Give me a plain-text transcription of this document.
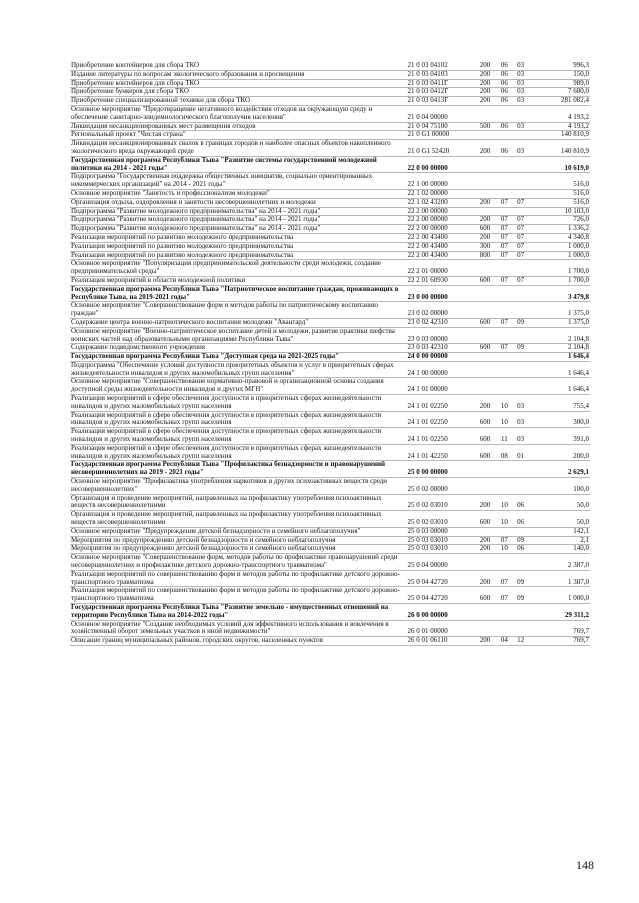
Приобретение контейнеров для сбора ТКО	21 0 03 04102	200	06	03	996,3
Издание литературы по вопросам экологического образования и просвещения	21 0 03 04103	200	06	03	150,0
Приобретение контейнеров для сбора ТКО	21 0 03 0411Г	200	06	03	989,0
Приобретение бункеров для сбора ТКО	21 0 03 0412Г	200	06	03	7 680,0
Приобретение специализированной техники для сбора ТКО	21 0 03 0413Г	200	06	03	281 082,4
Основное мероприятие "Предотвращение негативного воздействия отходов на окружающую среду и обеспечение санитарно-эпидемиологического благополучия населения"	21 0 04 00000				4 193,2
Ликвидация несанкционированных мест размещения отходов	21 0 04 75100	500	06	03	4 193,2
Региональный проект "Чистая страна"	21 0 G1 00000				140 810,9
Ликвидация несанкционированных свалок в границах городов и наиболее опасных объектов накопленного экологического вреда окружающей среде	21 0 G1 52420	200	06	03	140 810,9
Государственная программа Республики Тыва "Развитие системы государственной молодежной политики на 2014 - 2021 годы"	22 0 00 00000				10 619,0
Подпрограмма "Государственная поддержка общественных инициатив, социально ориентированных некоммерческих организаций" на 2014 - 2021 годы"	22 1 00 00000				516,0
Основное мероприятие "Занятость и профессионализм молодежи"	22 1 02 00000				516,0
Организация отдыха, оздоровления и занятости несовершеннолетних и молодежи	22 1 02 43200	200	07	07	516,0
Подпрограмма "Развитие молодежного предпринимательства" на 2014 - 2021 годы"	22 2 00 00000				10 103,0
Подпрограмма "Развитие молодежного предпринимательства" на 2014 - 2021 годы"	22 2 00 00000	200	07	07	726,0
Подпрограмма "Развитие молодежного предпринимательства" на 2014 - 2021 годы"	22 2 00 00000	600	07	07	1 336,2
Реализация мероприятий по развитию молодежного предпринимательства	22 2 00 43400	200	07	07	4 340,8
Реализация мероприятий по развитию молодежного предпринимательства	22 2 00 43400	300	07	07	1 000,0
Реализация мероприятий по развитию молодежного предпринимательства	22 2 00 43400	800	07	07	1 000,0
Основное мероприятие "Популяризация предпринимательской деятельности среди молодежи, создание предпринимательской среды"	22 2 01 00000				1 700,0
Реализация мероприятий в области молодежной политики	22 2 01 60930	600	07	07	1 700,0
Государственная программа Республики Тыва "Патриотическое воспитание граждан, проживающих в Республике Тыва, на 2019-2021 годы"	23 0 00 00000				3 479,8
Основное мероприятие "Совершенствование форм и методов работы по патриотическому воспитанию граждан"	23 0 02 00000				1 375,0
Содержание центра военно-патриотического воспитания молодежи "Авангард"	23 0 02 42310	600	07	09	1 375,0
Основное мероприятие "Военно-патриотическое воспитание детей и молодежи, развитие практики шефства воинских частей над образовательными организациями Республики Тыва"	23 0 03 00000				2 104,8
Содержание подведомственного учреждения	23 0 03 42310	600	07	09	2 104,8
Государственная программа Республики Тыва "Доступная среда на 2021-2025 годы"	24 0 00 00000				1 646,4
Подпрограмма "Обеспечение условий доступности приоритетных объектов и услуг в приоритетных сферах жизнедеятельности инвалидов и других маломобильных групп населения"	24 1 00 00000				1 646,4
Основное мероприятие "Совершенствование нормативно-правовой и организационной основы создания доступной среды жизнедеятельности инвалидов и других МГН"	24 1 01 00000				1 646,4
Реализация мероприятий в сфере обеспечения доступности в приоритетных сферах жизнедеятельности инвалидов и других маломобильных групп населения	24 1 01 02250	200	10	03	755,4
Реализация мероприятий в сфере обеспечения доступности в приоритетных сферах жизнедеятельности инвалидов и других маломобильных групп населения	24 1 01 02250	600	10	03	300,0
Реализация мероприятий в сфере обеспечения доступности в приоритетных сферах жизнедеятельности инвалидов и других маломобильных групп населения	24 1 01 02250	600	11	03	391,0
Реализация мероприятий в сфере обеспечения доступности в приоритетных сферах жизнедеятельности инвалидов и других маломобильных групп населения	24 1 01 42250	600	08	01	200,0
Государственная программа Республики Тыва "Профилактика безнадзорности и правонарушений несовершеннолетних на 2019 - 2021 годы"	25 0 00 00000				2 629,1
Основное мероприятие "Профилактика употребления наркотиков и других психоактивных веществ среди несовершеннолетних"	25 0 02 00000				100,0
Организация и проведение мероприятий, направленных на профилактику употребления психоактивных веществ несовершеннолетними	25 0 02 03010	200	10	06	50,0
Организация и проведение мероприятий, направленных на профилактику употребления психоактивных веществ несовершеннолетними	25 0 02 03010	600	10	06	50,0
Основное мероприятие "Предупреждение детской безнадзорности и семейного неблагополучия"	25 0 03 00000				142,1
Мероприятия по предупреждению детской безнадзорности и семейного неблагополучия	25 0 03 03010	200	07	09	2,1
Мероприятия по предупреждению детской безнадзорности и семейного неблагополучия	25 0 03 03010	200	10	06	140,0
Основное мероприятие "Совершенствование форм, методов работы по профилактике правонарушений среди несовершеннолетних и профилактике детского дорожно-транспортного травматизма"	25 0 04 00000				2 387,0
Реализация мероприятий по совершенствованию форм и методов работы по профилактике детского дорожно-транспортного травматизма	25 0 04 42720	200	07	09	1 387,0
Реализация мероприятий по совершенствованию форм и методов работы по профилактике детского дорожно-транспортного травматизма	25 0 04 42720	600	07	09	1 000,0
Государственная программа Республики Тыва "Развитие земельно - имущественных отношений на территории Республики Тыва на 2014-2022 годы"	26 0 00 00000				29 311,2
Основное мероприятие "Создание необходимых условий для эффективного использования и вовлечения в хозяйственный оборот земельных участков и иной недвижимости"	26 0 01 00000				769,7
Описание границ муниципальных районов, городских округов, населенных пунктов	26 0 01 06110	200	04	12	769,7
148
